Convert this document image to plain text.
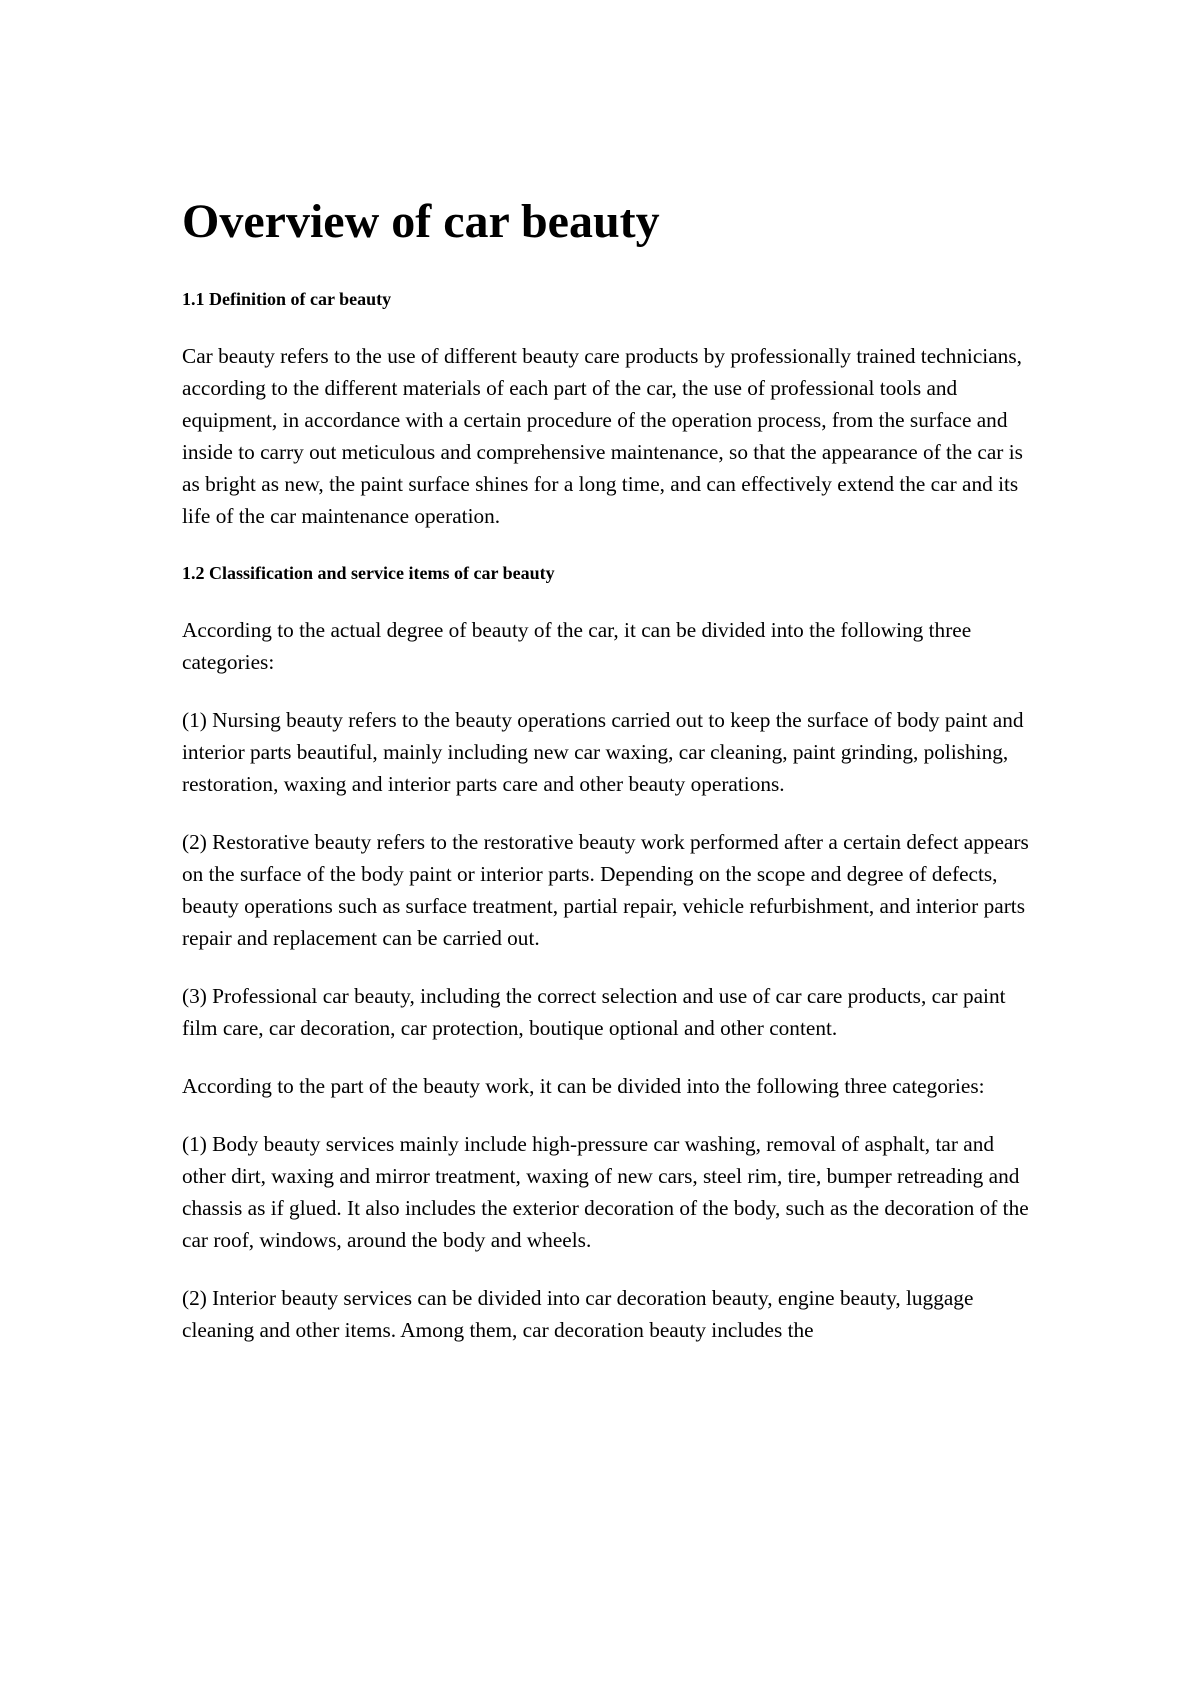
Overview of car beauty
1.1 Definition of car beauty

Car beauty refers to the use of different beauty care products by professionally trained technicians, according to the different materials of each part of the car, the use of professional tools and equipment, in accordance with a certain procedure of the operation process, from the surface and inside to carry out meticulous and comprehensive maintenance, so that the appearance of the car is as bright as new, the paint surface shines for a long time, and can effectively extend the car and its life of the car maintenance operation.

1.2 Classification and service items of car beauty

According to the actual degree of beauty of the car, it can be divided into the following three categories:

(1) Nursing beauty refers to the beauty operations carried out to keep the surface of body paint and interior parts beautiful, mainly including new car waxing, car cleaning, paint grinding, polishing, restoration, waxing and interior parts care and other beauty operations.

(2) Restorative beauty refers to the restorative beauty work performed after a certain defect appears on the surface of the body paint or interior parts. Depending on the scope and degree of defects, beauty operations such as surface treatment, partial repair, vehicle refurbishment, and interior parts repair and replacement can be carried out.

(3) Professional car beauty, including the correct selection and use of car care products, car paint film care, car decoration, car protection, boutique optional and other content.

According to the part of the beauty work, it can be divided into the following three categories:

(1) Body beauty services mainly include high-pressure car washing, removal of asphalt, tar and other dirt, waxing and mirror treatment, waxing of new cars, steel rim, tire, bumper retreading and chassis as if glued. It also includes the exterior decoration of the body, such as the decoration of the car roof, windows, around the body and wheels.

(2) Interior beauty services can be divided into car decoration beauty, engine beauty, luggage cleaning and other items. Among them, car decoration beauty includes the
